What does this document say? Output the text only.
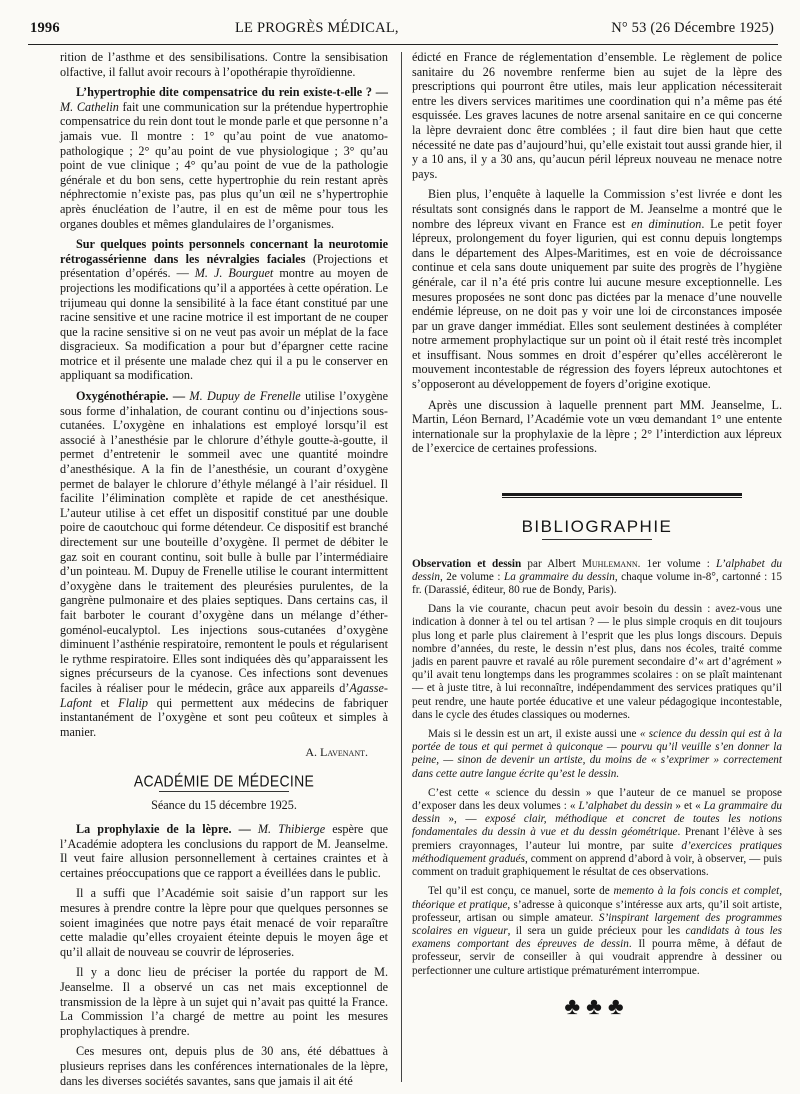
1996	LE PROGRÈS MÉDICAL,	N° 53 (26 Décembre 1925)

rition de l’asthme et des sensibilisations. Contre la sensibisation olfactive, il fallut avoir recours à l’opothérapie thyroïdienne.

L’hypertrophie dite compensatrice du rein existe-t-elle ? — M. Cathelin fait une communication sur la prétendue hypertrophie compensatrice du rein dont tout le monde parle et que personne n’a jamais vue. Il montre : 1° qu’au point de vue anatomo-pathologique ; 2° qu’au point de vue physiologique ; 3° qu’au point de vue clinique ; 4° qu’au point de vue de la pathologie générale et du bon sens, cette hypertrophie du rein restant après néphrectomie n’existe pas, pas plus qu’un œil ne s’hypertrophie après énucléation de l’autre, il en est de même pour tous les organes doubles et mêmes glandulaires de l’organismes.

Sur quelques points personnels concernant la neurotomie rétrogassérienne dans les névralgies faciales (Projections et présentation d’opérés. — M. J. Bourguet montre au moyen de projections les modifications qu’il a apportées à cette opération. Le trijumeau qui donne la sensibilité à la face étant constitué par une racine sensitive et une racine motrice il est important de ne couper que la racine sensitive si on ne veut pas avoir un méplat de la face disgracieux. Sa modification a pour but d’épargner cette racine motrice et il présente une malade chez qui il a pu le conserver en appliquant sa modification.

Oxygénothérapie. — M. Dupuy de Frenelle utilise l’oxygène sous forme d’inhalation, de courant continu ou d’injections sous-cutanées. L’oxygène en inhalations est employé lorsqu’il est associé à l’anesthésie par le chlorure d’éthyle goutte-à-goutte, il permet d’entretenir le sommeil avec une quantité moindre d’anesthésique. A la fin de l’anesthésie, un courant d’oxygène permet de balayer le chlorure d’éthyle mélangé à l’air résiduel. Il facilite l’élimination complète et rapide de cet anesthésique. L’auteur utilise à cet effet un dispositif constitué par une double poire de caoutchouc qui forme détendeur. Ce dispositif est branché directement sur une bouteille d’oxygène. Il permet de débiter le gaz soit en courant continu, soit bulle à bulle par l’intermédiaire d’un pointeau. M. Dupuy de Frenelle utilise le courant intermittent d’oxygène dans le traitement des pleurésies purulentes, de la gangrène pulmonaire et des plaies septiques. Dans certains cas, il fait barboter le courant d’oxygène dans un mélange d’éther-goménol-eucalyptol. Les injections sous-cutanées d’oxygène diminuent l’asthénie respiratoire, remontent le pouls et régularisent le rythme respiratoire. Elles sont indiquées dès qu’apparaissent les signes précurseurs de la cyanose. Ces infections sont devenues faciles à réaliser pour le médecin, grâce aux appareils d’Agasse-Lafont et Flalip qui permettent aux médecins de fabriquer instantanément de l’oxygène et sont peu coûteux et simples à manier.

A. Lavenant.
ACADÉMIE DE MÉDECINE
Séance du 15 décembre 1925.

La prophylaxie de la lèpre. — M. Thibierge espère que l’Académie adoptera les conclusions du rapport de M. Jeanselme. Il veut faire allusion personnellement à certaines craintes et à certaines préoccupations que ce rapport a éveillées dans le public.

Il a suffi que l’Académie soit saisie d’un rapport sur les mesures à prendre contre la lèpre pour que quelques personnes se soient imaginées que notre pays était menacé de voir reparaître cette maladie qu’elles croyaient éteinte depuis le moyen âge et qu’il allait de nouveau se couvrir de léproseries.

Il y a donc lieu de préciser la portée du rapport de M. Jeanselme. Il a observé un cas net mais exceptionnel de transmission de la lèpre à un sujet qui n’avait pas quitté la France. La Commission l’a chargé de mettre au point les mesures prophylactiques à prendre.

Ces mesures ont, depuis plus de 30 ans, été débattues à plusieurs reprises dans les conférences internationales de la lèpre, dans les diverses sociétés savantes, sans que jamais il ait été

édicté en France de réglementation d’ensemble. Le règlement de police sanitaire du 26 novembre renferme bien au sujet de la lèpre des prescriptions qui pourront être utiles, mais leur application nécessiterait entre les divers services maritimes une coordination qui n’a même pas été esquissée. Les graves lacunes de notre arsenal sanitaire en ce qui concerne la lèpre devraient donc être comblées ; il faut dire bien haut que cette nécessité ne date pas d’aujourd’hui, qu’elle existait tout aussi grande hier, il y a 10 ans, il y a 30 ans, qu’aucun péril lépreux nouveau ne menace notre pays.

Bien plus, l’enquête à laquelle la Commission s’est livrée e dont les résultats sont consignés dans le rapport de M. Jeanselme a montré que le nombre des lépreux vivant en France est en diminution. Le petit foyer lépreux, prolongement du foyer ligurien, qui est connu depuis longtemps dans le département des Alpes-Maritimes, est en voie de décroissance continue et cela sans doute uniquement par suite des progrès de l’hygiène générale, car il n’a été pris contre lui aucune mesure exceptionnelle. Les mesures proposées ne sont donc pas dictées par la menace d’une nouvelle endémie lépreuse, on ne doit pas y voir une loi de circonstances imposée par un grave danger immédiat. Elles sont seulement destinées à compléter notre armement prophylactique sur un point où il était resté très incomplet et insuffisant. Nous sommes en droit d’espérer qu’elles accélèreront le mouvement incontestable de régression des foyers lépreux autochtones et s’opposeront au développement de foyers d’origine exotique.

Après une discussion à laquelle prennent part MM. Jeanselme, L. Martin, Léon Bernard, l’Académie vote un vœu demandant 1° une entente internationale sur la prophylaxie de la lèpre ; 2° l’interdiction aux lépreux de l’exercice de certaines professions.

BIBLIOGRAPHIE

Observation et dessin par Albert Muhlemann. 1er volume : L’alphabet du dessin, 2e volume : La grammaire du dessin, chaque volume in-8°, cartonné : 15 fr. (Darassié, éditeur, 80 rue de Bondy, Paris).

Dans la vie courante, chacun peut avoir besoin du dessin : avez-vous une indication à donner à tel ou tel artisan ? — le plus simple croquis en dit toujours plus long et parle plus clairement à l’esprit que les plus longs discours. Depuis nombre d’années, du reste, le dessin n’est plus, dans nos écoles, traité comme jadis en parent pauvre et ravalé au rôle purement secondaire d’« art d’agrément » qu’il avait tenu longtemps dans les programmes scolaires : on se plaît maintenant — et à juste titre, à lui reconnaître, indépendamment des services pratiques qu’il peut rendre, une haute portée éducative et une valeur pédagogique incontestable, dans le cycle des études classiques ou modernes.

Mais si le dessin est un art, il existe aussi une « science du dessin qui est à la portée de tous et qui permet à quiconque — pourvu qu’il veuille s’en donner la peine, — sinon de devenir un artiste, du moins de « s’exprimer » correctement dans cette autre langue écrite qu’est le dessin.

C’est cette « science du dessin » que l’auteur de ce manuel se propose d’exposer dans les deux volumes : « L’alphabet du dessin » et « La grammaire du dessin », — exposé clair, méthodique et concret de toutes les notions fondamentales du dessin à vue et du dessin géométrique. Prenant l’élève à ses premiers crayonnages, l’auteur lui montre, par suite d’exercices pratiques méthodiquement gradués, comment on apprend d’abord à voir, à observer, — puis comment on traduit graphiquement le résultat de ces observations.

Tel qu’il est conçu, ce manuel, sorte de memento à la fois concis et complet, théorique et pratique, s’adresse à quiconque s’intéresse aux arts, qu’il soit artiste, professeur, artisan ou simple amateur. S’inspirant largement des programmes scolaires en vigueur, il sera un guide précieux pour les candidats à tous les examens comportant des épreuves de dessin. Il pourra même, à défaut de professeur, servir de conseiller à qui voudrait apprendre à dessiner ou perfectionner une culture artistique prématurément interrompue.

♣♣♣
